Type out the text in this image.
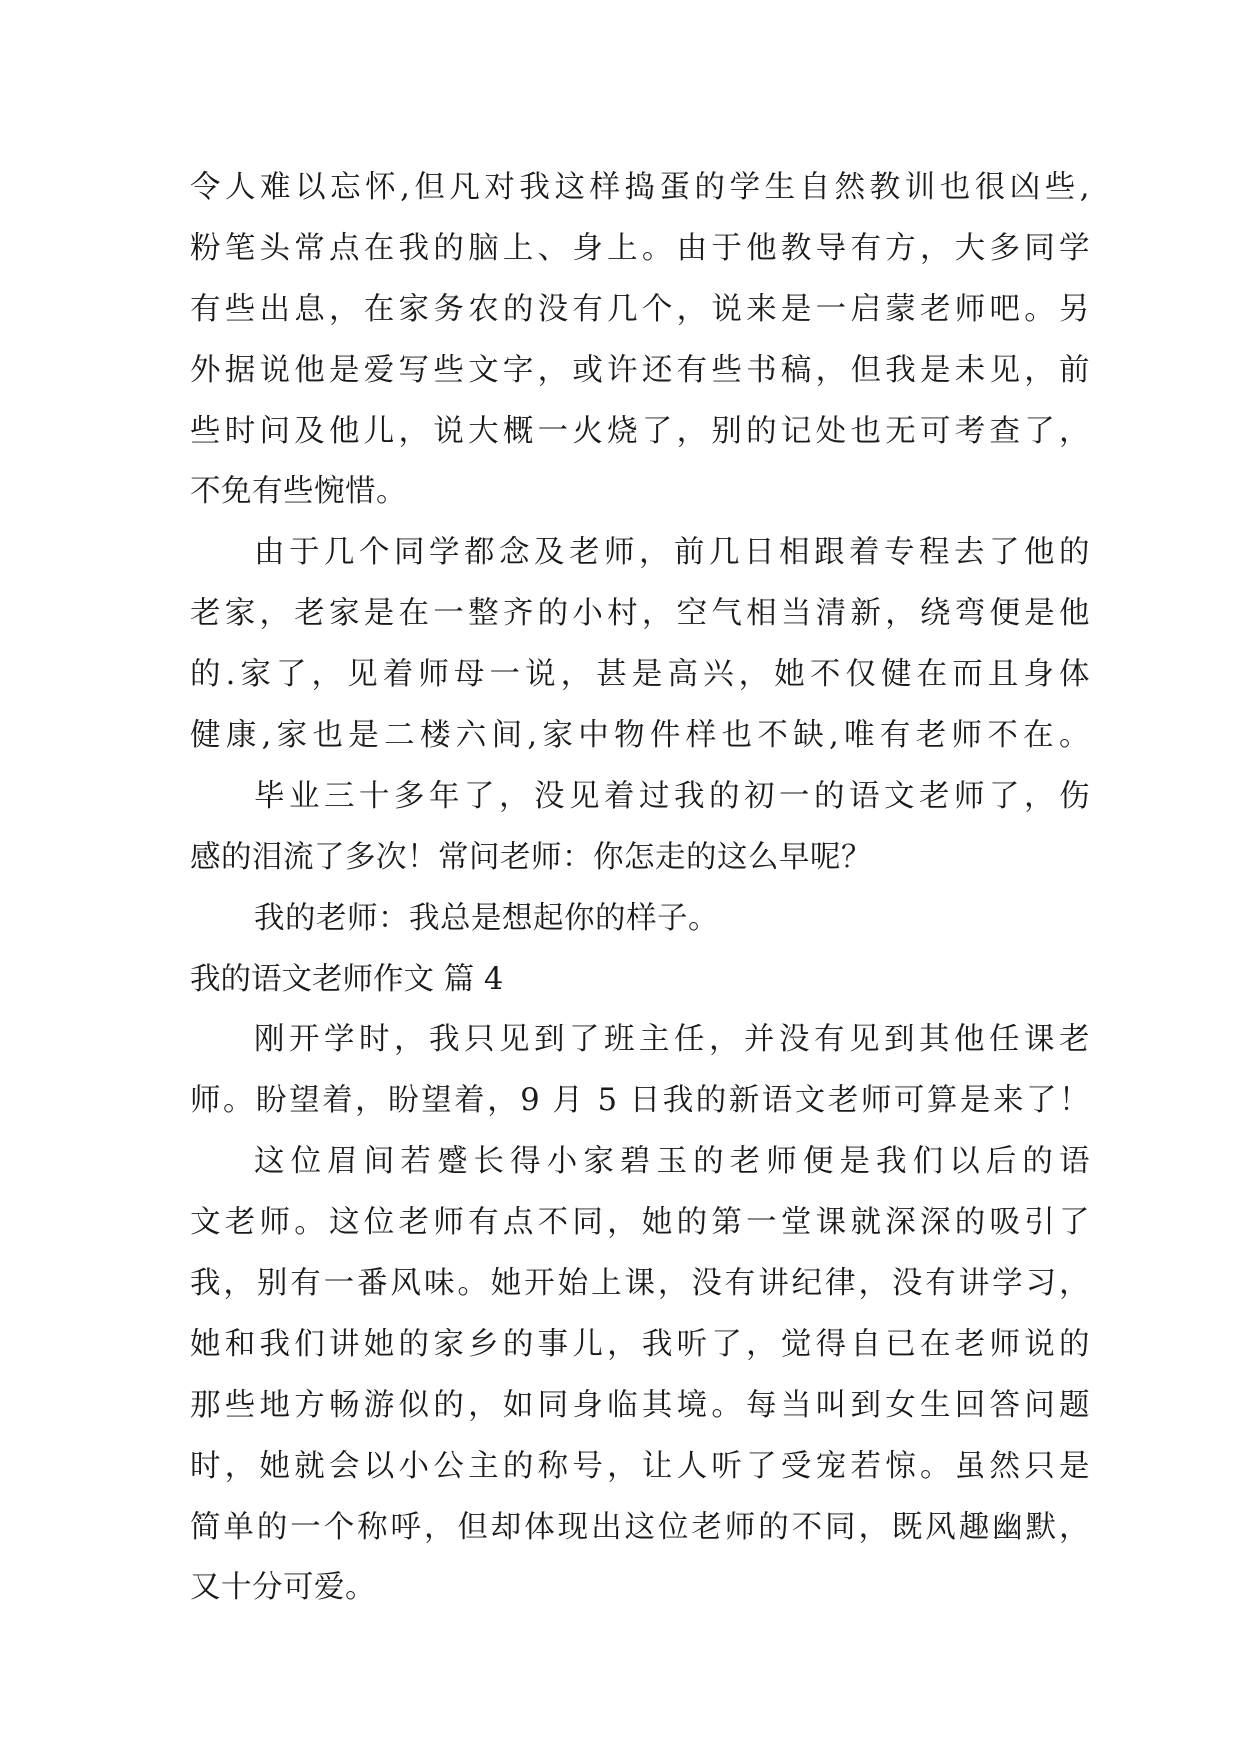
令人难以忘怀,但凡对我这样捣蛋的学生自然教训也很凶些,
粉笔头常点在我的脑上、身上。由于他教导有方，大多同学
有些出息，在家务农的没有几个，说来是一启蒙老师吧。另
外据说他是爱写些文字，或许还有些书稿，但我是未见，前
些时问及他儿，说大概一火烧了，别的记处也无可考查了，
不免有些惋惜。
由于几个同学都念及老师，前几日相跟着专程去了他的
老家，老家是在一整齐的小村，空气相当清新，绕弯便是他
的.家了，见着师母一说，甚是高兴，她不仅健在而且身体
健康,家也是二楼六间,家中物件样也不缺,唯有老师不在。
毕业三十多年了，没见着过我的初一的语文老师了，伤
感的泪流了多次！常问老师：你怎走的这么早呢？
我的老师：我总是想起你的样子。
我的语文老师作文 篇 4
刚开学时，我只见到了班主任，并没有见到其他任课老
师。盼望着，盼望着，9 月 5 日我的新语文老师可算是来了！
这位眉间若蹙长得小家碧玉的老师便是我们以后的语
文老师。这位老师有点不同，她的第一堂课就深深的吸引了
我，别有一番风味。她开始上课，没有讲纪律，没有讲学习，
她和我们讲她的家乡的事儿，我听了，觉得自已在老师说的
那些地方畅游似的，如同身临其境。每当叫到女生回答问题
时，她就会以小公主的称号，让人听了受宠若惊。虽然只是
简单的一个称呼，但却体现出这位老师的不同，既风趣幽默，
又十分可爱。
